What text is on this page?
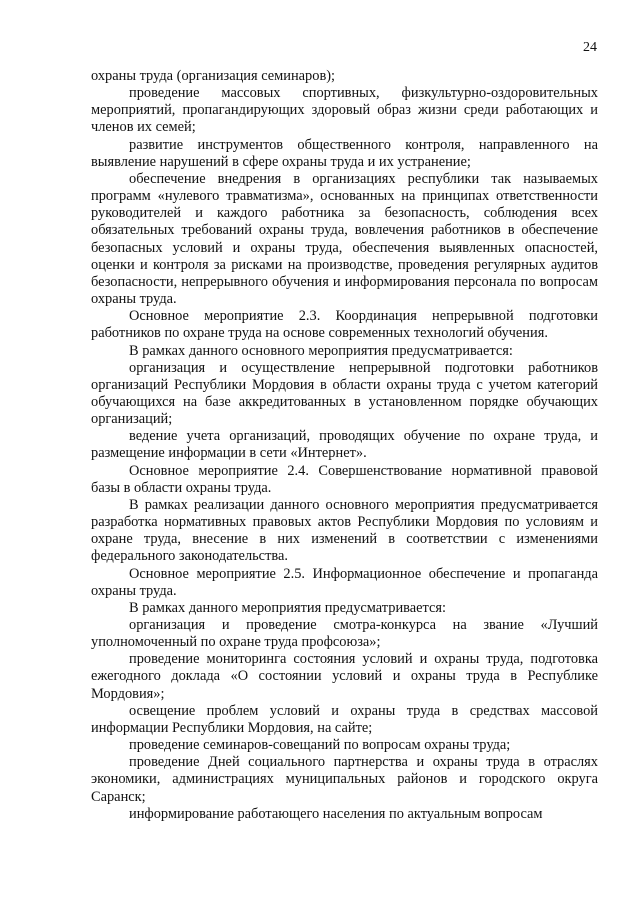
24

охраны труда (организация семинаров);

проведение массовых спортивных, физкультурно-оздоровительных мероприятий, пропагандирующих здоровый образ жизни среди работающих и членов их семей;

развитие инструментов общественного контроля, направленного на выявление нарушений в сфере охраны труда и их устранение;

обеспечение внедрения в организациях республики так называемых программ «нулевого травматизма», основанных на принципах ответственности руководителей и каждого работника за безопасность, соблюдения всех обязательных требований охраны труда, вовлечения работников в обеспечение безопасных условий и охраны труда, обеспечения выявленных опасностей, оценки и контроля за рисками на производстве, проведения регулярных аудитов безопасности, непрерывного обучения и информирования персонала по вопросам охраны труда.

Основное мероприятие 2.3. Координация непрерывной подготовки работников по охране труда на основе современных технологий обучения.

В рамках данного основного мероприятия предусматривается:

организация и осуществление непрерывной подготовки работников организаций Республики Мордовия в области охраны труда с учетом категорий обучающихся на базе аккредитованных в установленном порядке обучающих организаций;

ведение учета организаций, проводящих обучение по охране труда, и размещение информации в сети «Интернет».

Основное мероприятие 2.4. Совершенствование нормативной правовой базы в области охраны труда.

В рамках реализации данного основного мероприятия предусматривается разработка нормативных правовых актов Республики Мордовия по условиям и охране труда, внесение в них изменений в соответствии с изменениями федерального законодательства.

Основное мероприятие 2.5. Информационное обеспечение и пропаганда охраны труда.

В рамках данного мероприятия предусматривается:

организация и проведение смотра-конкурса на звание «Лучший уполномоченный по охране труда профсоюза»;

проведение мониторинга состояния условий и охраны труда, подготовка ежегодного доклада «О состоянии условий и охраны труда в Республике Мордовия»;

освещение проблем условий и охраны труда в средствах массовой информации Республики Мордовия, на сайте;

проведение семинаров-совещаний по вопросам охраны труда;

проведение Дней социального партнерства и охраны труда в отраслях экономики, администрациях муниципальных районов и городского округа Саранск;

информирование работающего населения по актуальным вопросам
